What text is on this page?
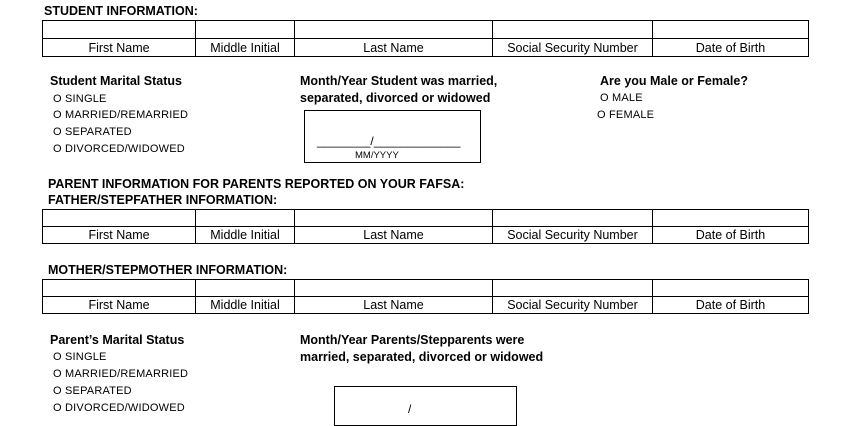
STUDENT INFORMATION:

First Name	Middle Initial	Last Name	Social Security Number	Date of Birth
Student Marital Status
O SINGLE
O MARRIED/REMARRIED
O SEPARATED
O DIVORCED/WIDOWED
Month/Year Student was married,
separated, divorced or widowed
________/_____________
MM/YYYY
Are you Male or Female?
O MALE
O FEMALE
PARENT INFORMATION FOR PARENTS REPORTED ON YOUR FAFSA:
FATHER/STEPFATHER INFORMATION:

First Name	Middle Initial	Last Name	Social Security Number	Date of Birth
MOTHER/STEPMOTHER INFORMATION:

First Name	Middle Initial	Last Name	Social Security Number	Date of Birth
Parent’s Marital Status
O SINGLE
O MARRIED/REMARRIED
O SEPARATED
O DIVORCED/WIDOWED
Month/Year Parents/Stepparents were
married, separated, divorced or widowed
/
